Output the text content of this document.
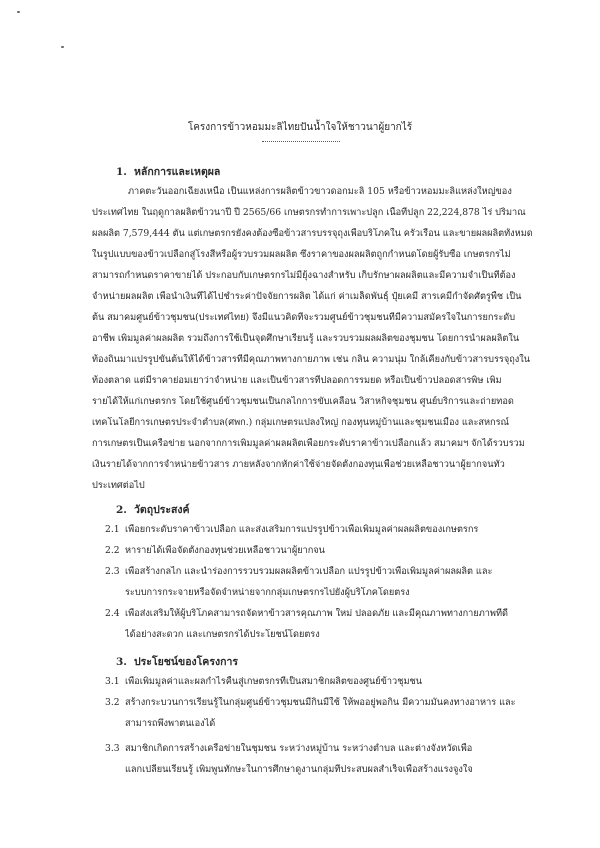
โครงการข้าวหอมมะลิไทยปันน้ำใจให้ชาวนาผู้ยากไร้
1. หลักการและเหตุผล
ภาคตะวันออกเฉียงเหนือ เป็นแหล่งการผลิตข้าวขาวดอกมะลิ 105 หรือข้าวหอมมะลิแหล่งใหญ่ของ
ประเทศไทย ในฤดูกาลผลิตข้าวนาปี ปี 2565/66 เกษตรกรทำการเพาะปลูก เนื้อที่ปลูก 22,224,878 ไร่ ปริมาณ
ผลผลิต 7,579,444 ตัน แต่เกษตรกรยังคงต้องซื้อข้าวสารบรรจุถุงเพื่อบริโภคใน ครัวเรือน และขายผลผลิตทั้งหมด
ในรูปแบบของข้าวเปลือกสู่โรงสีหรือผู้รวบรวมผลผลิต ซึ่งราคาของผลผลิตถูกกำหนดโดยผู้รับซื้อ เกษตรกรไม่
สามารถกำหนดราคาขายได้ ประกอบกับเกษตรกรไม่มียุ้งฉางสำหรับ เก็บรักษาผลผลิตและมีความจำเป็นที่ต้อง
จำหน่ายผลผลิต เพื่อนำเงินที่ได้ไปชำระค่าปัจจัยการผลิต ได้แก่ ค่าเมล็ดพันธุ์ ปุ๋ยเคมี สารเคมีกำจัดศัตรูพืช เป็น
ต้น สมาคมศูนย์ข้าวชุมชน(ประเทศไทย) จึงมีแนวคิดที่จะรวมศูนย์ข้าวชุมชนที่มีความสมัครใจในการยกระดับ
อาชีพ เพิ่มมูลค่าผลผลิต รวมถึงการใช้เป็นจุดศึกษาเรียนรู้ และรวบรวมผลผลิตของชุมชน โดยการนำผลผลิตใน
ท้องถิ่นมาแปรรูปขั้นต้นให้ได้ข้าวสารที่มีคุณภาพทางกายภาพ เช่น กลิ่น ความนุ่ม ใกล้เคียงกับข้าวสารบรรจุถุงใน
ท้องตลาด แต่มีราคาย่อมเยาว่าจำหน่าย และเป็นข้าวสารที่ปลอดการรมยด หรือเป็นข้าวปลอดสารพิษ เพิ่ม
รายได้ให้แก่เกษตรกร โดยใช้ศูนย์ข้าวชุมชนเป็นกลไกการขับเคลื่อน วิสาหกิจชุมชน ศูนย์บริการและถ่ายทอด
เทคโนโลยีการเกษตรประจำตำบล(ศพก.) กลุ่มเกษตรแปลงใหญ่ กองทุนหมู่บ้านและชุมชนเมือง และสหกรณ์
การเกษตรเป็นเครือข่าย นอกจากการเพิ่มมูลค่าผลผลิตเพื่อยกระดับราคาข้าวเปลือกแล้ว สมาคมฯ จักได้รวบรวม
เงินรายได้จากการจำหน่ายข้าวสาร ภายหลังจากหักค่าใช้จ่ายจัดตั้งกองทุนเพื่อช่วยเหลือชาวนาผู้ยากจนทั่ว
ประเทศต่อไป
2. วัตถุประสงค์
2.1 เพื่อยกระดับราคาข้าวเปลือก และส่งเสริมการแปรรูปข้าวเพื่อเพิ่มมูลค่าผลผลิตของเกษตรกร
2.2 หารายได้เพื่อจัดตั้งกองทุนช่วยเหลือชาวนาผู้ยากจน
2.3 เพื่อสร้างกลไก และนำร่องการรวบรวมผลผลิตข้าวเปลือก แปรรูปข้าวเพื่อเพิ่มมูลค่าผลผลิต และ
ระบบการกระจายหรือจัดจำหน่ายจากกลุ่มเกษตรกรไปยังผู้บริโภคโดยตรง
2.4 เพื่อส่งเสริมให้ผู้บริโภคสามารถจัดหาข้าวสารคุณภาพ ใหม่ ปลอดภัย และมีคุณภาพทางกายภาพที่ดี
ได้อย่างสะดวก และเกษตรกรได้ประโยชน์โดยตรง
3. ประโยชน์ของโครงการ
3.1 เพื่อเพิ่มมูลค่าและผลกำไรคืนสู่เกษตรกรที่เป็นสมาชิกผลิตของศูนย์ข้าวชุมชน
3.2 สร้างกระบวนการเรียนรู้ในกลุ่มศูนย์ข้าวชุมชนมีกินมีใช้ ให้พออยู่พอกิน มีความมั่นคงทางอาหาร และ
สามารถพึ่งพาตนเองได้
3.3 สมาชิกเกิดการสร้างเครือข่ายในชุมชน ระหว่างหมู่บ้าน ระหว่างตำบล และต่างจังหวัดเพื่อ
แลกเปลี่ยนเรียนรู้ เพิ่มพูนทักษะในการศึกษาดูงานกลุ่มที่ประสบผลสำเร็จเพื่อสร้างแรงจูงใจ
